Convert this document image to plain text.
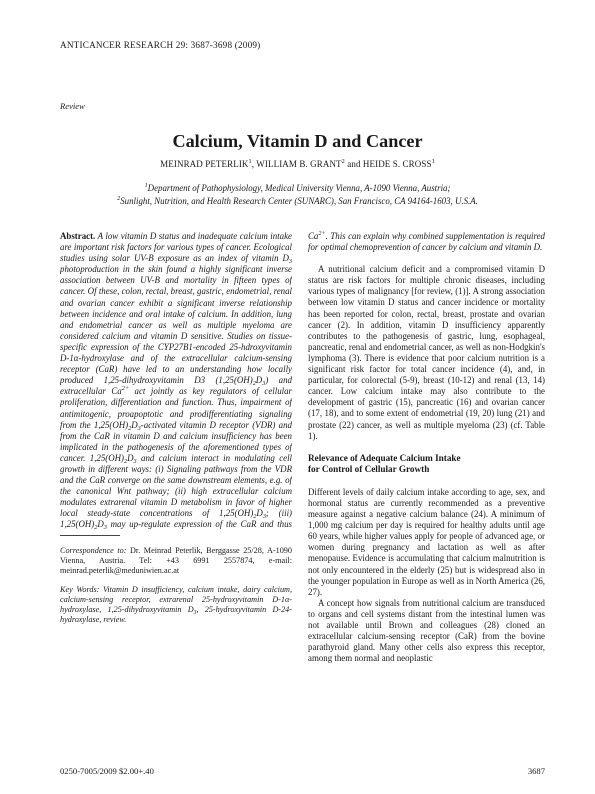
ANTICANCER RESEARCH 29: 3687-3698 (2009)
Review
Calcium, Vitamin D and Cancer
MEINRAD PETERLIK$^1$, WILLIAM B. GRANT$^2$ and HEIDE S. CROSS$^1$
$^1$Department of Pathophysiology, Medical University Vienna, A-1090 Vienna, Austria;
$^2$Sunlight, Nutrition, and Health Research Center (SUNARC), San Francisco, CA 94164-1603, U.S.A.

Abstract. A low vitamin D status and inadequate calcium intake are important risk factors for various types of cancer. Ecological studies using solar UV-B exposure as an index of vitamin $D_3$ photoproduction in the skin found a highly significant inverse association between UV-B and mortality in fifteen types of cancer. Of these, colon, rectal, breast, gastric, endometrial, renal and ovarian cancer exhibit a significant inverse relationship between incidence and oral intake of calcium. In addition, lung and endometrial cancer as well as multiple myeloma are considered calcium and vitamin D sensitive. Studies on tissue-specific expression of the CYP27B1-encoded 25-hdroxyvitamin D-1α-hydroxylase and of the extracellular calcium-sensing receptor (CaR) have led to an understanding how locally produced 1,25-dihydroxyvitamin D3 $(1,25(OH)_2D_3)$ and extracellular $Ca^{2+}$ act jointly as key regulators of cellular proliferation, differentiation and function. Thus, impairment of antimitogenic, proapoptotic and prodifferentiating signaling from the $1,25(OH)_2D_3$-activated vitamin D receptor (VDR) and from the CaR in vitamin D and calcium insufficiency has been implicated in the pathogenesis of the aforementioned types of cancer. $1,25(OH)_2D_3$ and calcium interact in modulating cell growth in different ways: (i) Signaling pathways from the VDR and the CaR converge on the same downstream elements, e.g. of the canonical Wnt pathway; (ii) high extracellular calcium modulates extrarenal vitamin D metabolism in favor of higher local steady-state concentrations of $1,25(OH)_2D_3$; (iii) $1,25(OH)_2D_3$ may up-regulate expression of the CaR and thus

Correspondence to: Dr. Meinrad Peterlik, Berggasse 25/28, A-1090 Vienna, Austria. Tel: +43 6991 2557874, e-mail: meinrad.peterlik@meduniwien.ac.at

Key Words: Vitamin D insufficiency, calcium intake, dairy calcium, calcium-sensing receptor, extrarenal 25-hydroxyvitamin D-1α-hydroxylase, 1,25-dihydroxyvitamin $D_3$, 25-hydroxyvitamin D-24-hydroxylase, review.

$Ca^{2+}$. This can explain why combined supplementation is required for optimal chemoprevention of cancer by calcium and vitamin D.

A nutritional calcium deficit and a compromised vitamin D status are risk factors for multiple chronic diseases, including various types of malignancy [for review, (1)]. A strong association between low vitamin D status and cancer incidence or mortality has been reported for colon, rectal, breast, prostate and ovarian cancer (2). In addition, vitamin D insufficiency apparently contributes to the pathogenesis of gastric, lung, esophageal, pancreatic, renal and endometrial cancer, as well as non-Hodgkin's lymphoma (3). There is evidence that poor calcium nutrition is a significant risk factor for total cancer incidence (4), and, in particular, for colorectal (5-9), breast (10-12) and renal (13, 14) cancer. Low calcium intake may also contribute to the development of gastric (15), pancreatic (16) and ovarian cancer (17, 18), and to some extent of endometrial (19, 20) lung (21) and prostate (22) cancer, as well as multiple myeloma (23) (cf. Table 1).

Relevance of Adequate Calcium Intake

for Control of Cellular Growth

Different levels of daily calcium intake according to age, sex, and hormonal status are currently recommended as a preventive measure against a negative calcium balance (24). A minimum of 1,000 mg calcium per day is required for healthy adults until age 60 years, while higher values apply for people of advanced age, or women during pregnancy and lactation as well as after menopause. Evidence is accumulating that calcium malnutrition is not only encountered in the elderly (25) but is widespread also in the younger population in Europe as well as in North America (26, 27).

A concept how signals from nutritional calcium are transduced to organs and cell systems distant from the intestinal lumen was not available until Brown and colleagues (28) cloned an extracellular calcium-sensing receptor (CaR) from the bovine parathyroid gland. Many other cells also express this receptor, among them normal and neoplastic

0250-7005/2009 $2.00+.40	3687
